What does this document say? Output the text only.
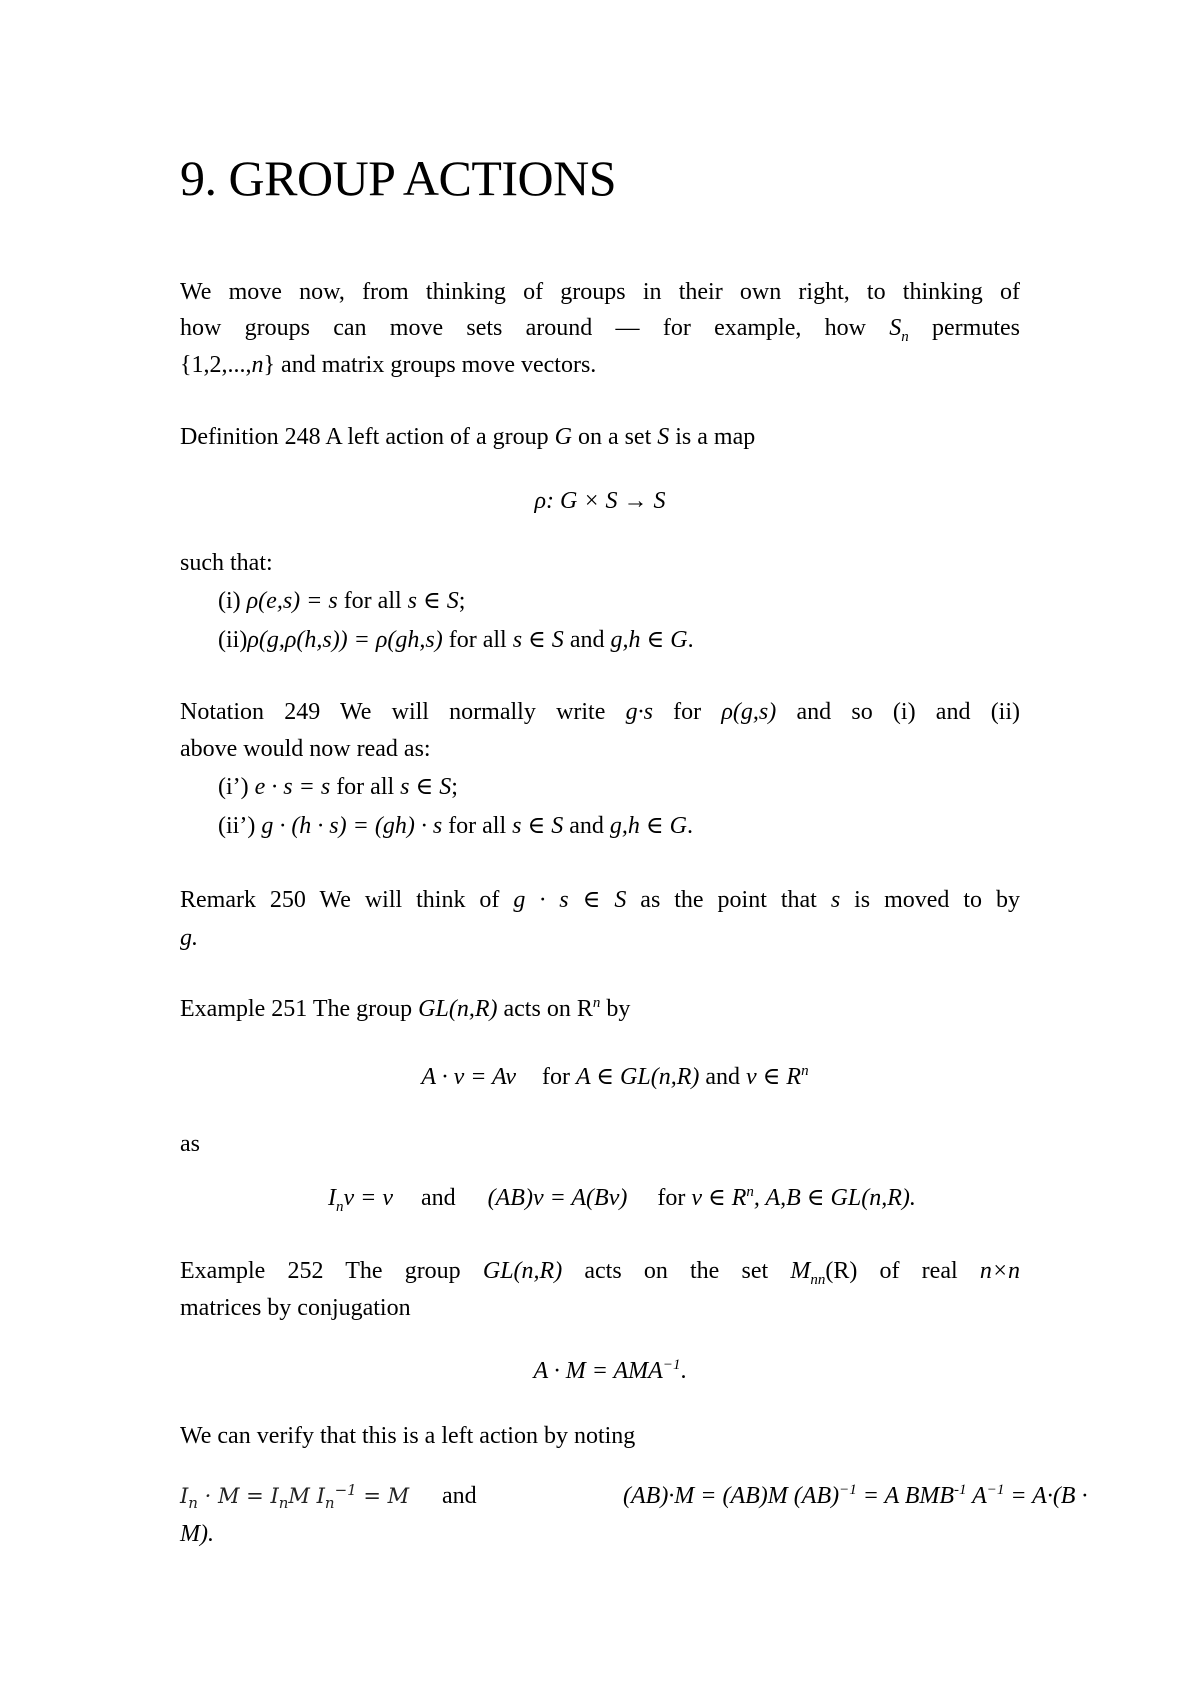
9. GROUP ACTIONS
We move now, from thinking of groups in their own right, to thinking of
how groups can move sets around — for example, how $S_n$ permutes
{1,2,...,n} and matrix groups move vectors.
Definition 248 A left action of a group G on a set S is a map
ρ: G × S → S
such that:
(i) ρ(e,s) = s for all s ∈ S;
(ii)ρ(g,ρ(h,s)) = ρ(gh,s) for all s ∈ S and g,h ∈ G.
Notation 249 We will normally write g·s for ρ(g,s) and so (i) and (ii)
above would now read as:
(i’) e · s = s for all s ∈ S;
(ii’) g · (h · s) = (gh) · s for all s ∈ S and g,h ∈ G.
Remark 250 We will think of g · s ∈ S as the point that s is moved to by
g.
Example 251 The group GL(n,R) acts on $R^n$ by
A · v = Av for A ∈ GL(n,R) and v ∈ $R^n$
as
$I_nv = v$ and (AB)v = A(Bv) for v ∈ $R^n$, A,B ∈ GL(n,R).
Example 252 The group GL(n,R) acts on the set $M_{nn}(R)$ of real n×n
matrices by conjugation
$A \cdot M = AMA^{-1}$.
We can verify that this is a left action by noting
$I_n \cdot M = I_nM$ $I_n^{-1} = M$ and	(AB)·M = (AB)M (AB)$^{-1}$ = A $BMB^{-1}$ $A^{-1} = A\cdot(B$ ·
M).
